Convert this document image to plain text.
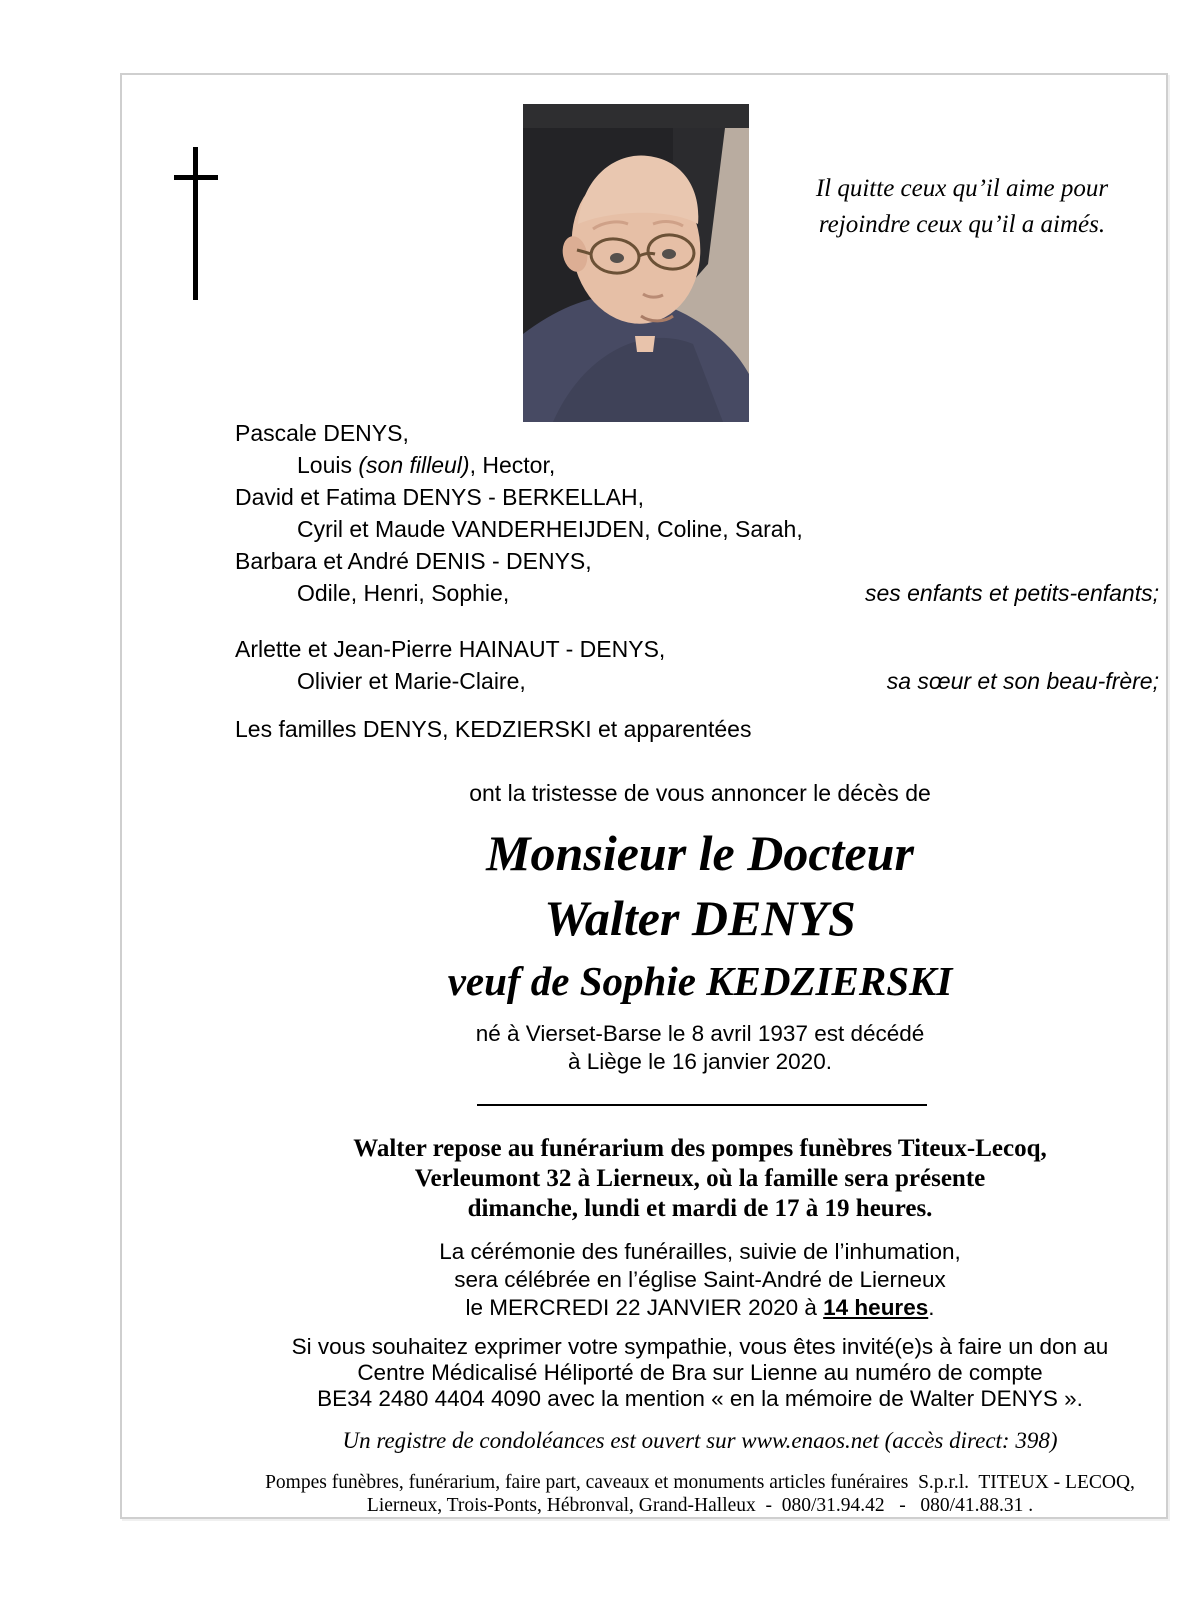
Il quitte ceux qu’il aime pour
rejoindre ceux qu’il a aimés.
Pascale DENYS,
Louis (son filleul), Hector,
David et Fatima DENYS - BERKELLAH,
Cyril et Maude VANDERHEIJDEN, Coline, Sarah,
Barbara et André DENIS - DENYS,
Odile, Henri, Sophie,	ses enfants et petits-enfants;
Arlette et Jean-Pierre HAINAUT - DENYS,
Olivier et Marie-Claire,	sa sœur et son beau-frère;
Les familles DENYS, KEDZIERSKI et apparentées
ont la tristesse de vous annoncer le décès de
Monsieur le Docteur
Walter DENYS
veuf de Sophie KEDZIERSKI
né à Vierset-Barse le 8 avril 1937 est décédé
à Liège le 16 janvier 2020.
Walter repose au funérarium des pompes funèbres Titeux-Lecoq,
Verleumont 32 à Lierneux, où la famille sera présente
dimanche, lundi et mardi de 17 à 19 heures.
La cérémonie des funérailles, suivie de l’inhumation,
sera célébrée en l’église Saint-André de Lierneux
le MERCREDI 22 JANVIER 2020 à 14 heures.
Si vous souhaitez exprimer votre sympathie, vous êtes invité(e)s à faire un don au
Centre Médicalisé Héliporté de Bra sur Lienne au numéro de compte
BE34 2480 4404 4090 avec la mention « en la mémoire de Walter DENYS ».
Un registre de condoléances est ouvert sur www.enaos.net (accès direct: 398)
Pompes funèbres, funérarium, faire part, caveaux et monuments articles funéraires  S.p.r.l.  TITEUX - LECOQ,
Lierneux, Trois-Ponts, Hébronval, Grand-Halleux  -  080/31.94.42   -   080/41.88.31 .
